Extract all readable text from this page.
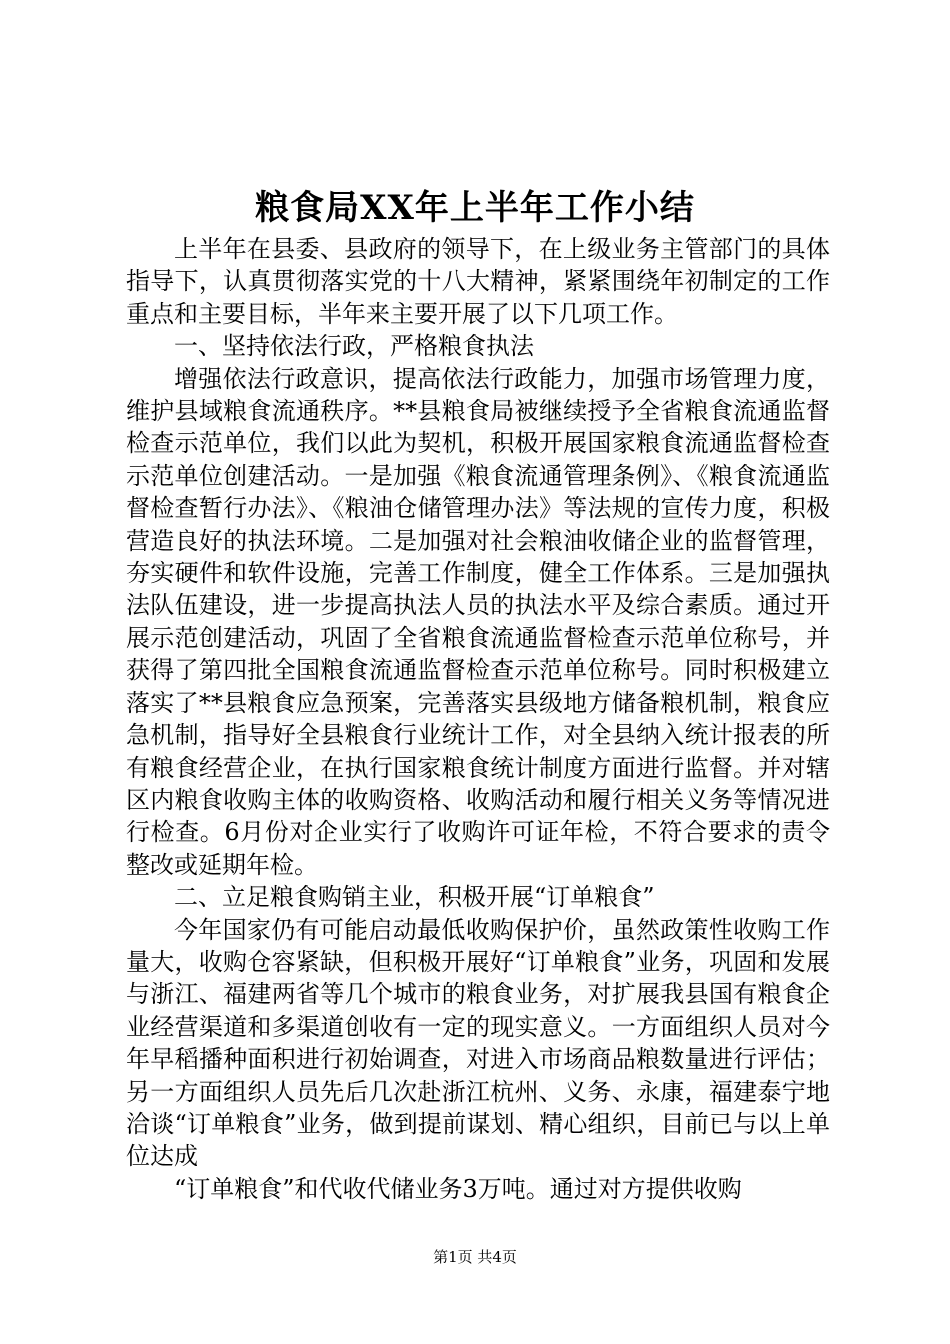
粮食局XX年上半年工作小结

上半年在县委、县政府的领导下，在上级业务主管部门的具体指导下，认真贯彻落实党的十八大精神，紧紧围绕年初制定的工作重点和主要目标，半年来主要开展了以下几项工作。

一、坚持依法行政，严格粮食执法

增强依法行政意识，提高依法行政能力，加强市场管理力度，维护县域粮食流通秩序。**县粮食局被继续授予全省粮食流通监督检查示范单位，我们以此为契机，积极开展国家粮食流通监督检查示范单位创建活动。一是加强《粮食流通管理条例》、《粮食流通监督检查暂行办法》、《粮油仓储管理办法》等法规的宣传力度，积极营造良好的执法环境。二是加强对社会粮油收储企业的监督管理，夯实硬件和软件设施，完善工作制度，健全工作体系。三是加强执法队伍建设，进一步提高执法人员的执法水平及综合素质。通过开展示范创建活动，巩固了全省粮食流通监督检查示范单位称号，并获得了第四批全国粮食流通监督检查示范单位称号。同时积极建立落实了**县粮食应急预案，完善落实县级地方储备粮机制，粮食应急机制，指导好全县粮食行业统计工作，对全县纳入统计报表的所有粮食经营企业，在执行国家粮食统计制度方面进行监督。并对辖区内粮食收购主体的收购资格、收购活动和履行相关义务等情况进行检查。6月份对企业实行了收购许可证年检，不符合要求的责令整改或延期年检。

二、立足粮食购销主业，积极开展“订单粮食”

今年国家仍有可能启动最低收购保护价，虽然政策性收购工作量大，收购仓容紧缺，但积极开展好“订单粮食”业务，巩固和发展与浙江、福建两省等几个城市的粮食业务，对扩展我县国有粮食企业经营渠道和多渠道创收有一定的现实意义。一方面组织人员对今年早稻播种面积进行初始调查，对进入市场商品粮数量进行评估；另一方面组织人员先后几次赴浙江杭州、义务、永康，福建泰宁地洽谈“订单粮食”业务，做到提前谋划、精心组织，目前已与以上单位达成

“订单粮食”和代收代储业务3万吨。通过对方提供收购

第1页 共4页
